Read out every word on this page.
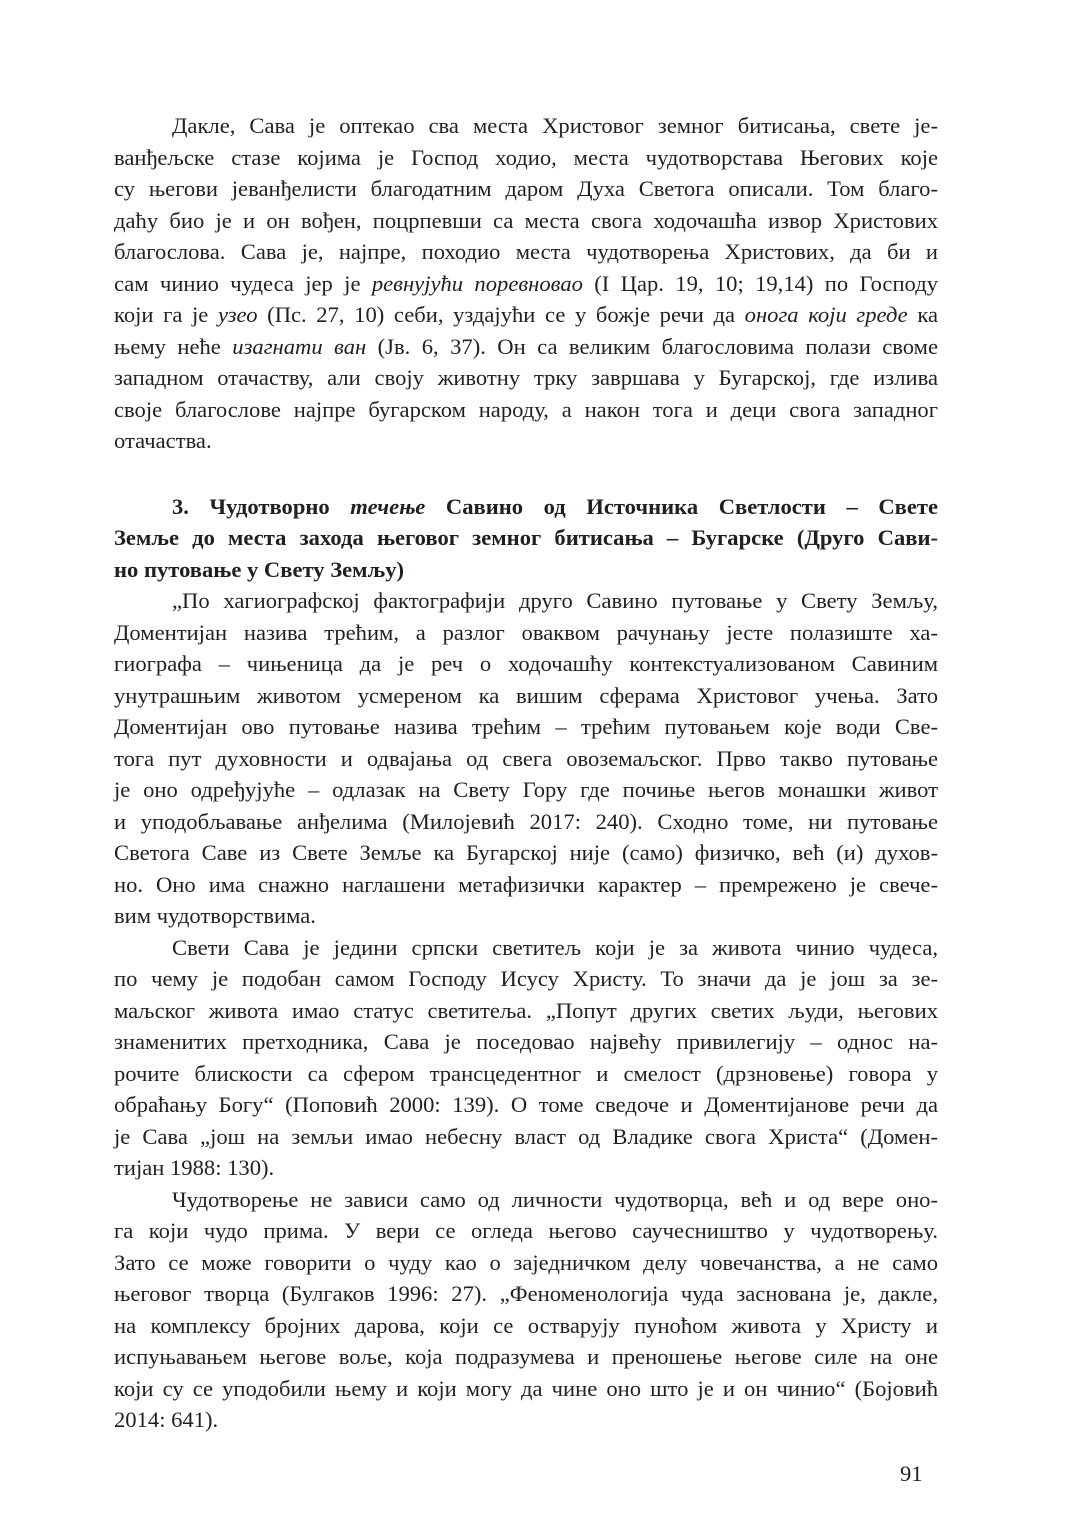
Дакле, Сава је оптекао сва места Христовог земног битисања, свете је-
ванђељске стазе којима је Господ ходио, места чудотворстава Његових које
су његови јеванђелисти благодатним даром Духа Светога описали. Том благо-
даћу био је и он вођен, поцрпевши са места свога ходочашћа извор Христових
благослова. Сава је, најпре, походио места чудотворења Христових, да би и
сам чинио чудеса јер је ревнујући поревновао (I Цар. 19, 10; 19,14) по Господу
који га је узео (Пс. 27, 10) себи, уздајући се у божје речи да онога који греде ка
њему неће изагнати ван (Јв. 6, 37). Он са великим благословима полази своме
западном отачаству, али своју животну трку завршава у Бугарској, где излива
своје благослове најпре бугарском народу, а након тога и деци свога западног
отачаства.
3. Чудотворно течење Савино од Источника Светлости – Свете
Земље до места захода његовог земног битисања – Бугарске (Друго Сави-
но путовање у Свету Земљу)
„По хагиографској фактографији друго Савино путовање у Свету Земљу,
Доментијан назива трећим, а разлог оваквом рачунању јесте полазиште ха-
гиографа – чињеница да је реч о ходочашћу контекстуализованом Савиним
унутрашњим животом усмереном ка вишим сферама Христовог учења. Зато
Доментијан ово путовање назива трећим – трећим путовањем које води Све-
тога пут духовности и одвајања од свега овоземаљског. Прво такво путовање
је оно одређујуће – одлазак на Свету Гору где почиње његов монашки живот
и уподобљавање анђелима (Милојевић 2017: 240). Сходно томе, ни путовање
Светога Саве из Свете Земље ка Бугарској није (само) физичко, већ (и) духов-
но. Оно има снажно наглашени метафизички карактер – премрежено је свече-
вим чудотворствима.
Свети Сава је једини српски светитељ који је за живота чинио чудеса,
по чему је подобан самом Господу Исусу Христу. То значи да је још за зе-
маљског живота имао статус светитеља. „Попут других светих људи, његових
знаменитих претходника, Сава је поседовао највећу привилегију – однос на-
рочите блискости са сфером трансцедентног и смелост (дрзновење) говора у
обраћању Богу“ (Поповић 2000: 139). О томе сведоче и Доментијанове речи да
је Сава „још на земљи имао небесну власт од Владике свога Христа“ (Домен-
тијан 1988: 130).
Чудотворење не зависи само од личности чудотворца, већ и од вере оно-
га који чудо прима. У вери се огледа његово саучесништво у чудотворењу.
Зато се може говорити о чуду као о заједничком делу човечанства, а не само
његовог творца (Булгаков 1996: 27). „Феноменологија чуда заснована је, дакле,
на комплексу бројних дарова, који се остварују пуноћом живота у Христу и
испуњавањем његове воље, која подразумева и преношење његове силе на оне
који су се уподобили њему и који могу да чине оно што је и он чинио“ (Бојовић
2014: 641).
91
